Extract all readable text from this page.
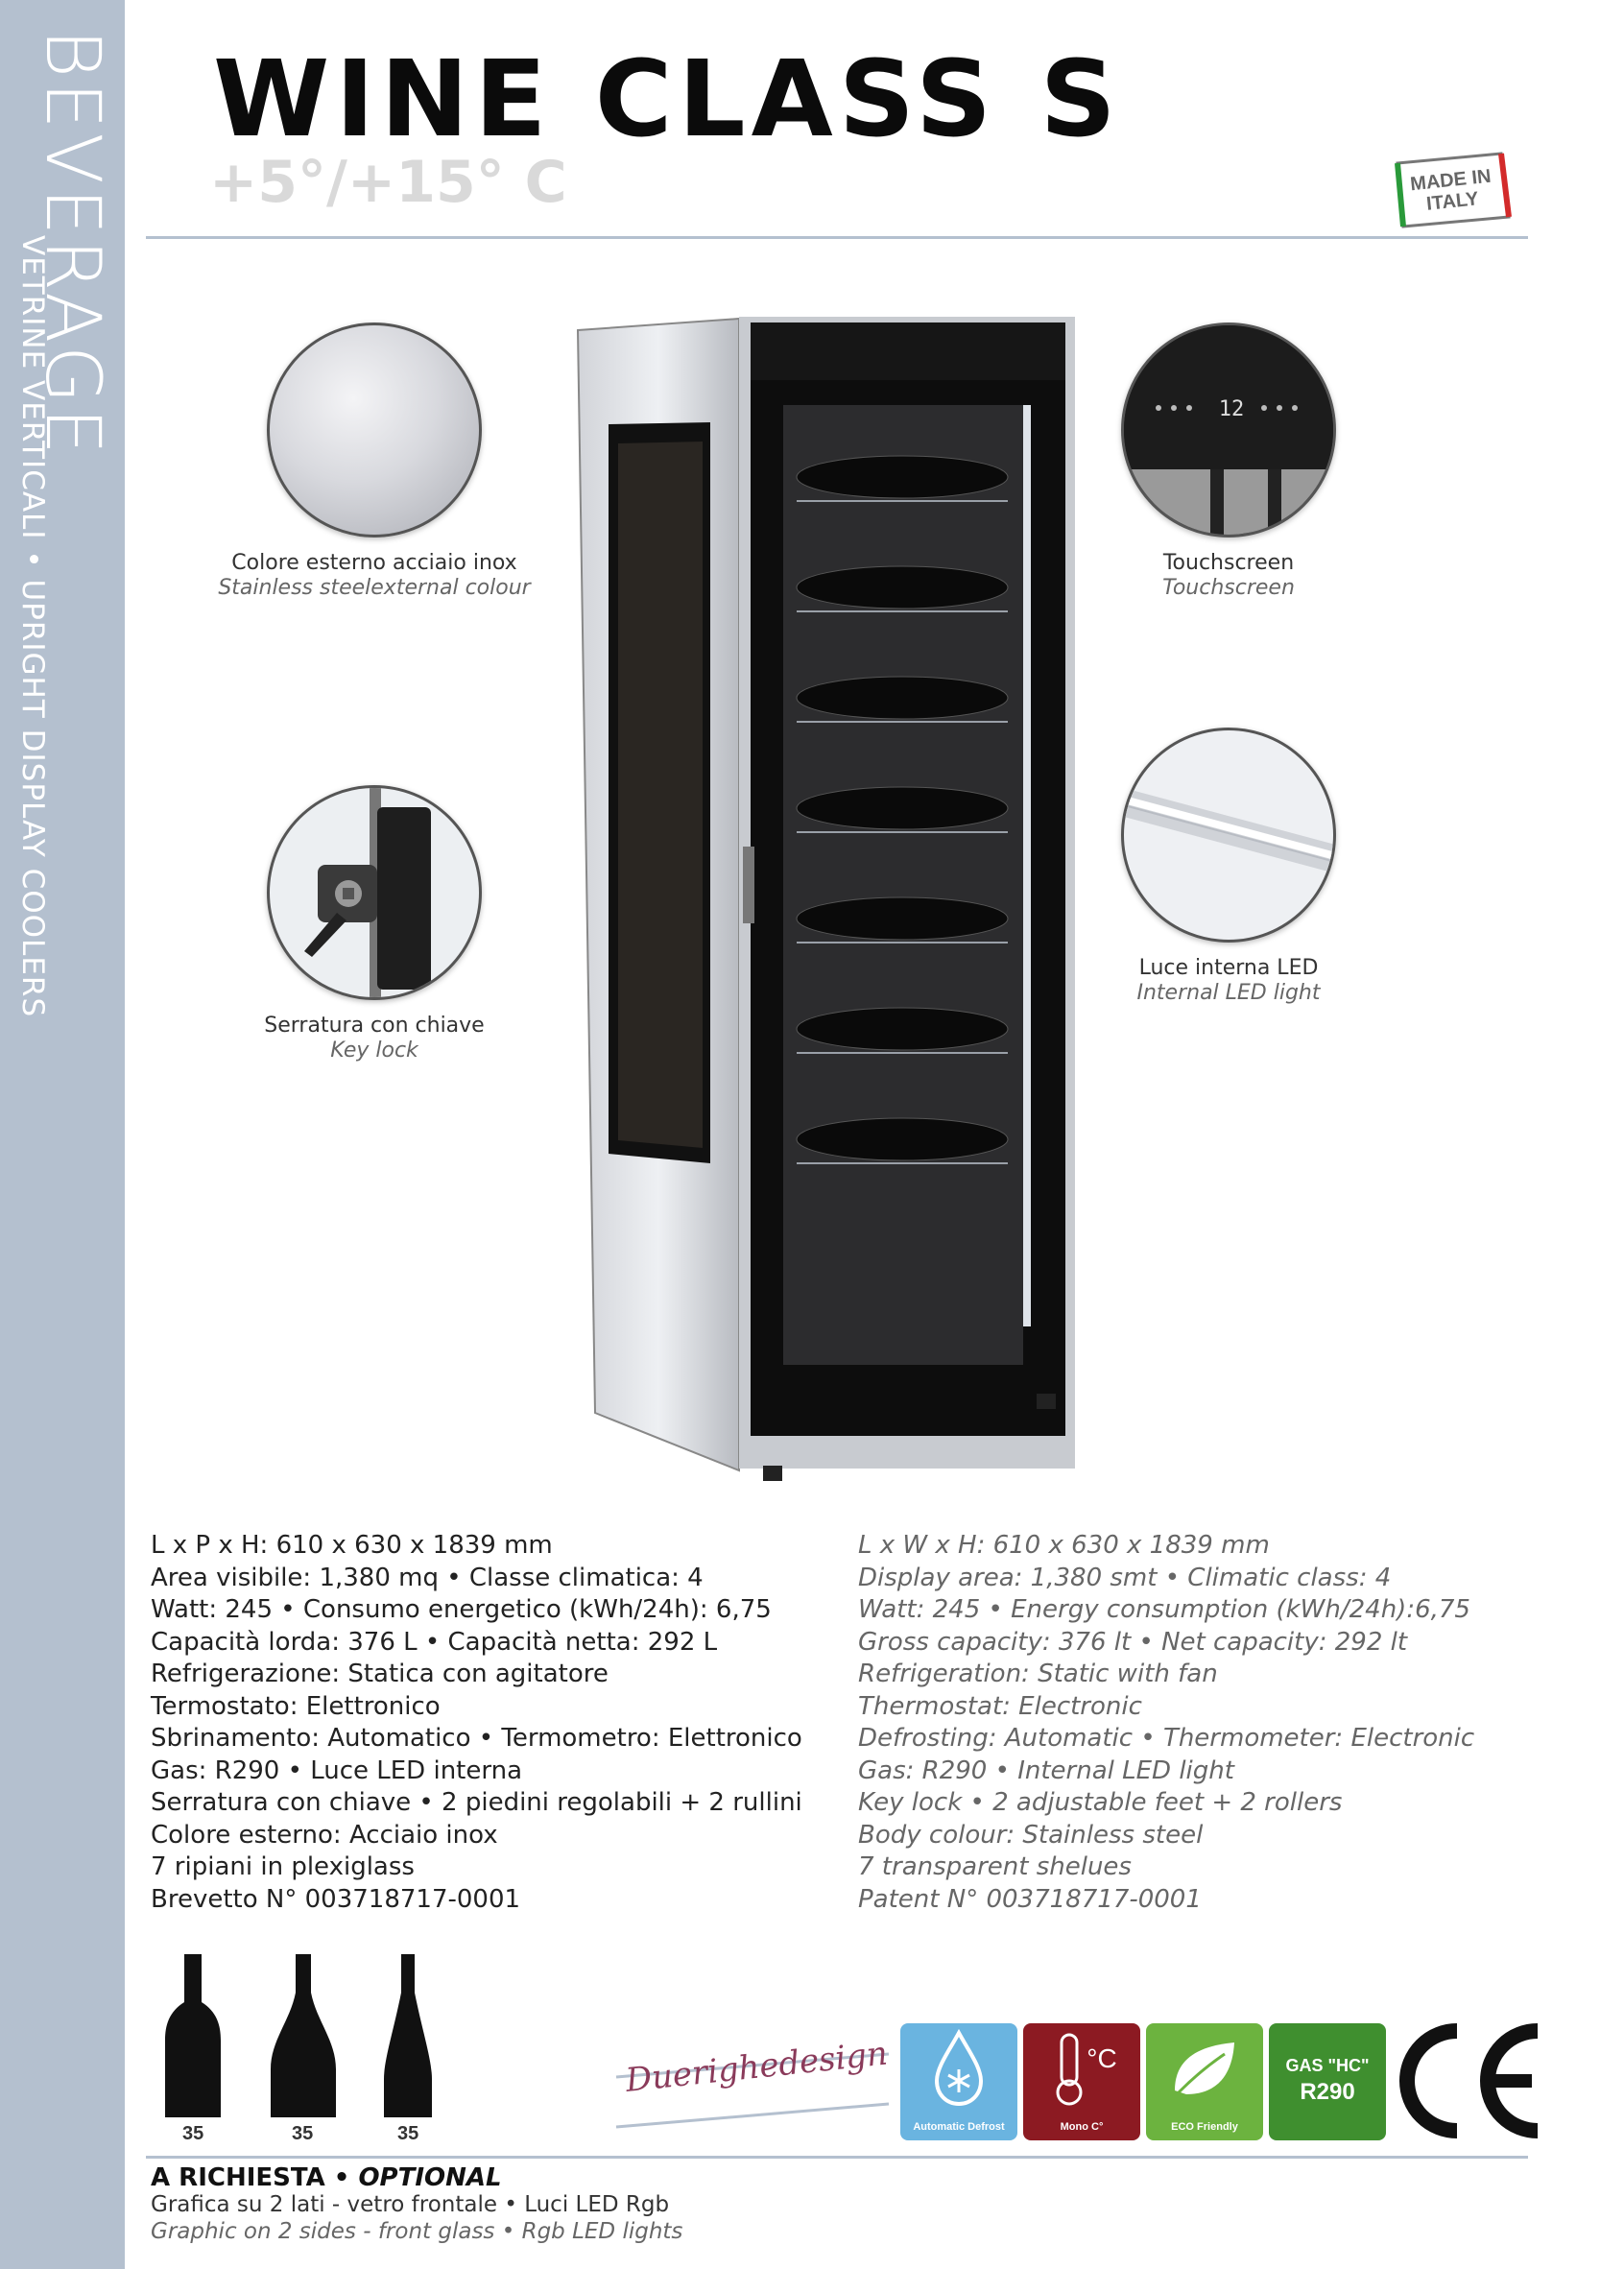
BEVERAGE
VETRINE VERTICALI • UPRIGHT DISPLAY COOLERS
WINE CLASS S
+5°/+15° C	MADE IN
ITALY
Colore esterno acciaio inox
Stainless steelexternal colour
12
Touchscreen
Touchscreen
Serratura con chiave
Key lock
Luce interna LED
Internal LED light
L x P x H: 610 x 630 x 1839 mm
Area visibile: 1,380 mq • Classe climatica: 4
Watt: 245 • Consumo energetico (kWh/24h): 6,75
Capacità lorda: 376 L • Capacità netta: 292 L
Refrigerazione: Statica con agitatore
Termostato: Elettronico
Sbrinamento: Automatico • Termometro: Elettronico
Gas: R290 • Luce LED interna
Serratura con chiave • 2 piedini regolabili + 2 rullini
Colore esterno: Acciaio inox
7 ripiani in plexiglass
Brevetto N° 003718717-0001
L x W x H: 610 x 630 x 1839 mm
Display area: 1,380 smt • Climatic class: 4
Watt: 245 • Energy consumption (kWh/24h):6,75
Gross capacity: 376 lt • Net capacity: 292 lt
Refrigeration: Static with fan
Thermostat: Electronic
Defrosting: Automatic • Thermometer: Electronic
Gas: R290 • Internal LED light
Key lock • 2 adjustable feet + 2 rollers
Body colour: Stainless steel
7 transparent shelues
Patent N° 003718717-0001
35	35	35
Duerighedesign
Automatic Defrost
°C
Mono C°	ECO Friendly
GAS "HC"
R290
A RICHIESTA • OPTIONAL
Grafica su 2 lati - vetro frontale • Luci LED Rgb
Graphic on 2 sides - front glass • Rgb LED lights
